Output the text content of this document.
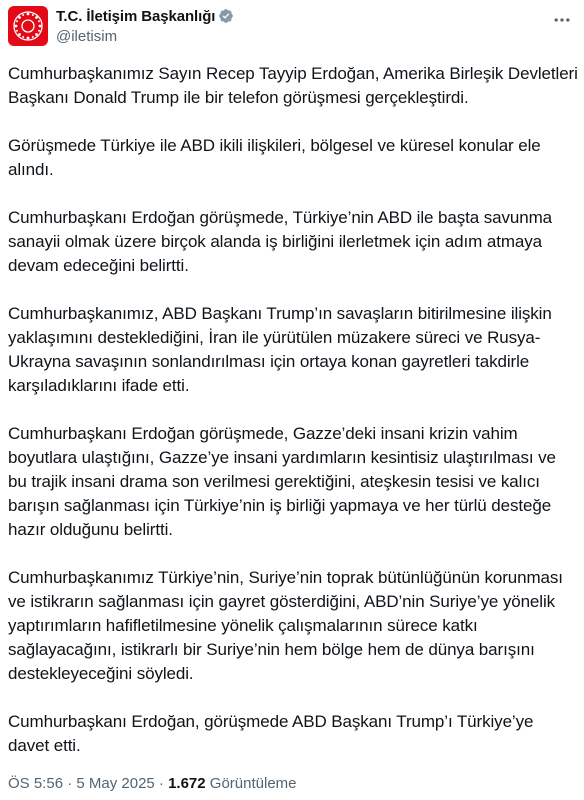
T.C. İletişim Başkanlığı
@iletisim

Cumhurbaşkanımız Sayın Recep Tayyip Erdoğan, Amerika Birleşik Devletleri Başkanı Donald Trump ile bir telefon görüşmesi gerçekleştirdi.

Görüşmede Türkiye ile ABD ikili ilişkileri, bölgesel ve küresel konular ele alındı.

Cumhurbaşkanı Erdoğan görüşmede, Türkiye’nin ABD ile başta savunma sanayii olmak üzere birçok alanda iş birliğini ilerletmek için adım atmaya devam edeceğini belirtti.

Cumhurbaşkanımız, ABD Başkanı Trump’ın savaşların bitirilmesine ilişkin yaklaşımını desteklediğini, İran ile yürütülen müzakere süreci ve Rusya-Ukrayna savaşının sonlandırılması için ortaya konan gayretleri takdirle karşıladıklarını ifade etti.

Cumhurbaşkanı Erdoğan görüşmede, Gazze’deki insani krizin vahim boyutlara ulaştığını, Gazze’ye insani yardımların kesintisiz ulaştırılması ve bu trajik insani drama son verilmesi gerektiğini, ateşkesin tesisi ve kalıcı barışın sağlanması için Türkiye’nin iş birliği yapmaya ve her türlü desteğe hazır olduğunu belirtti.

Cumhurbaşkanımız Türkiye’nin, Suriye’nin toprak bütünlüğünün korunması ve istikrarın sağlanması için gayret gösterdiğini, ABD’nin Suriye’ye yönelik yaptırımların hafifletilmesine yönelik çalışmalarının sürece katkı sağlayacağını, istikrarlı bir Suriye’nin hem bölge hem de dünya barışını destekleyeceğini söyledi.

Cumhurbaşkanı Erdoğan, görüşmede ABD Başkanı Trump’ı Türkiye’ye davet etti.

ÖS 5:56 · 5 May 2025 · 1.672 Görüntüleme
